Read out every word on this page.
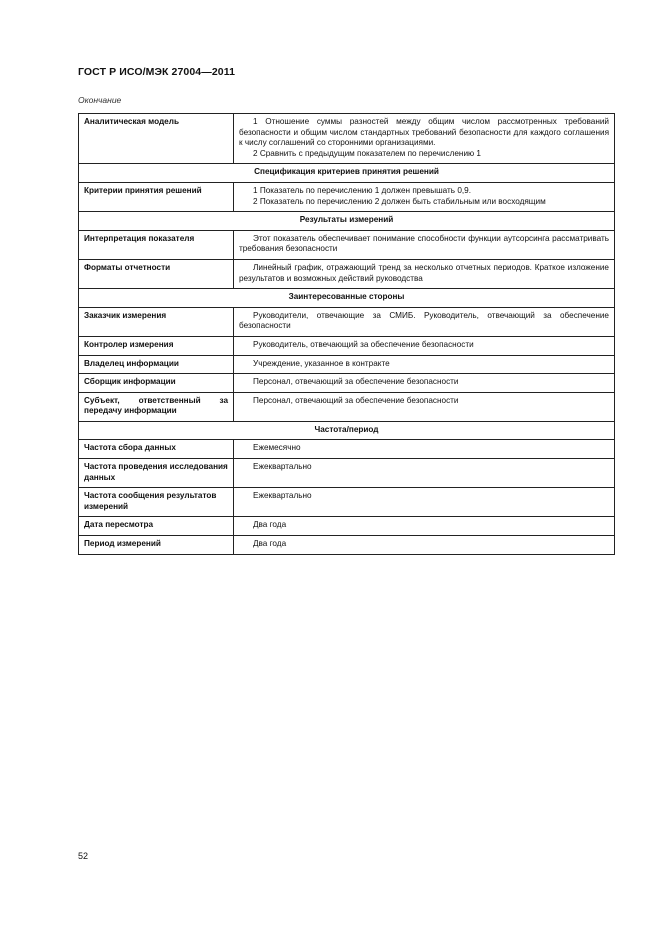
ГОСТ Р ИСО/МЭК 27004—2011
Окончание
Аналитическая модель	1 Отношение суммы разностей между общим числом рассмотренных требований безопасности и общим числом стандартных требований безопасности для каждого соглашения к числу соглашений со сторонними организациями.
2 Сравнить с предыдущим показателем по перечислению 1

Спецификация критериев принятия решений	
Критерии принятия решений	1 Показатель по перечислению 1 должен превышать 0,9.
2 Показатель по перечислению 2 должен быть стабильным или восходящим

Результаты измерений	
Интерпретация показателя	Этот показатель обеспечивает понимание способности функции аутсорсинга рассматривать требования безопасности

Форматы отчетности	Линейный график, отражающий тренд за несколько отчетных периодов. Краткое изложение результатов и возможных действий руководства

Заинтересованные стороны	
Заказчик измерения	Руководители, отвечающие за СМИБ. Руководитель, отвечающий за обеспечение безопасности

Контролер измерения	Руководитель, отвечающий за обеспечение безопасности

Владелец информации	Учреждение, указанное в контракте

Сборщик информации	Персонал, отвечающий за обеспечение безопасности

Субъект, ответственный за передачу информации	Персонал, отвечающий за обеспечение безопасности

Частота/период	
Частота сбора данных	Ежемесячно

Частота проведения исследования данных	Ежеквартально

Частота сообщения результатов измерений	Ежеквартально

Дата пересмотра	Два года

Период измерений	Два года
52
